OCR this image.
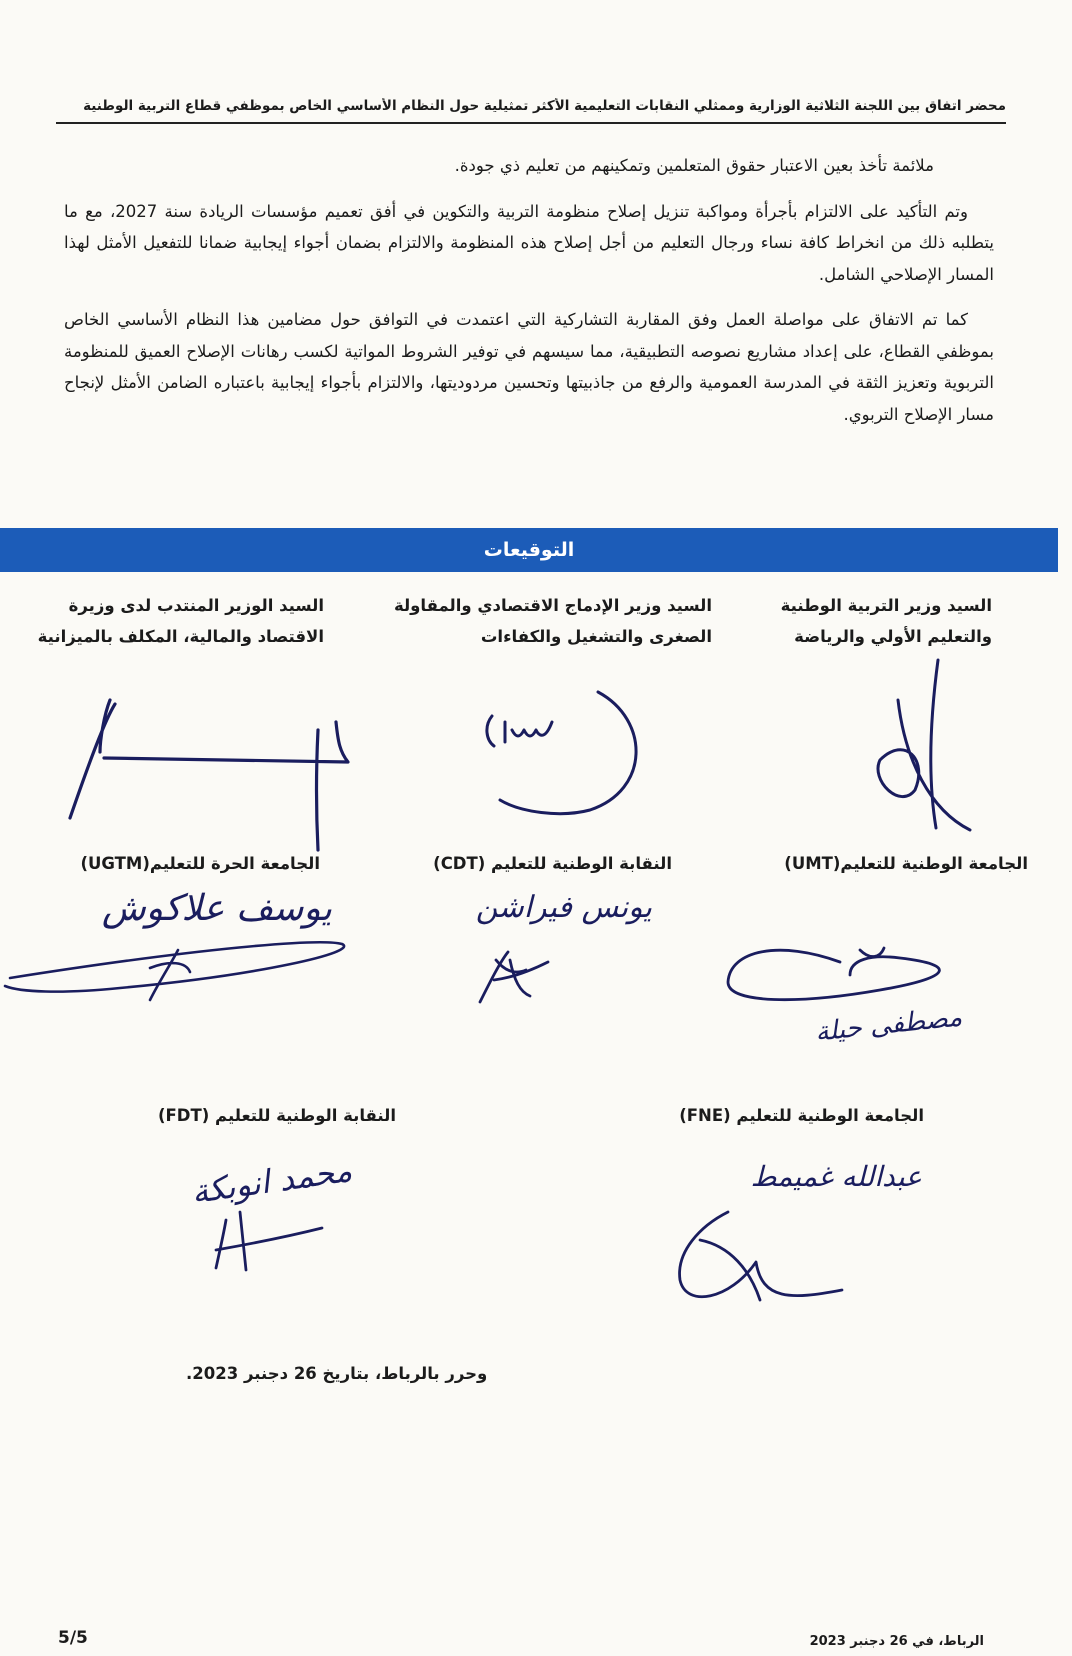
محضر اتفاق بين اللجنة الثلاثية الوزارية وممثلي النقابات التعليمية الأكثر تمثيلية حول النظام الأساسي الخاص بموظفي قطاع التربية الوطنية

ملائمة تأخذ بعين الاعتبار حقوق المتعلمين وتمكينهم من تعليم ذي جودة.

وتم التأكيد على الالتزام بأجرأة ومواكبة تنزيل إصلاح منظومة التربية والتكوين في أفق تعميم مؤسسات الريادة سنة 2027، مع ما يتطلبه ذلك من انخراط كافة نساء ورجال التعليم من أجل إصلاح هذه المنظومة والالتزام بضمان أجواء إيجابية ضمانا للتفعيل الأمثل لهذا المسار الإصلاحي الشامل.

كما تم الاتفاق على مواصلة العمل وفق المقاربة التشاركية التي اعتمدت في التوافق حول مضامين هذا النظام الأساسي الخاص بموظفي القطاع، على إعداد مشاريع نصوصه التطبيقية، مما سيسهم في توفير الشروط المواتية لكسب رهانات الإصلاح العميق للمنظومة التربوية وتعزيز الثقة في المدرسة العمومية والرفع من جاذبيتها وتحسين مردوديتها، والالتزام بأجواء إيجابية باعتباره الضامن الأمثل لإنجاح مسار الإصلاح التربوي.

التوقيعات
السيد وزير التربية الوطنية
والتعليم الأولي والرياضة
السيد وزير الإدماج الاقتصادي والمقاولة
الصغرى والتشغيل والكفاءات
السيد الوزير المنتدب لدى وزيرة
الاقتصاد والمالية، المكلف بالميزانية
الجامعة الوطنية للتعليم(UMT)
النقابة الوطنية للتعليم (CDT)
الجامعة الحرة للتعليم(UGTM)
مصطفى حيلة
يونس فيراشن
يوسف علاكوش
الجامعة الوطنية للتعليم (FNE)
النقابة الوطنية للتعليم (FDT)
عبدالله غميمط
محمد انوبكة
وحرر بالرباط، بتاريخ 26 دجنبر 2023.
الرباط، في 26 دجنبر 2023
5/5
